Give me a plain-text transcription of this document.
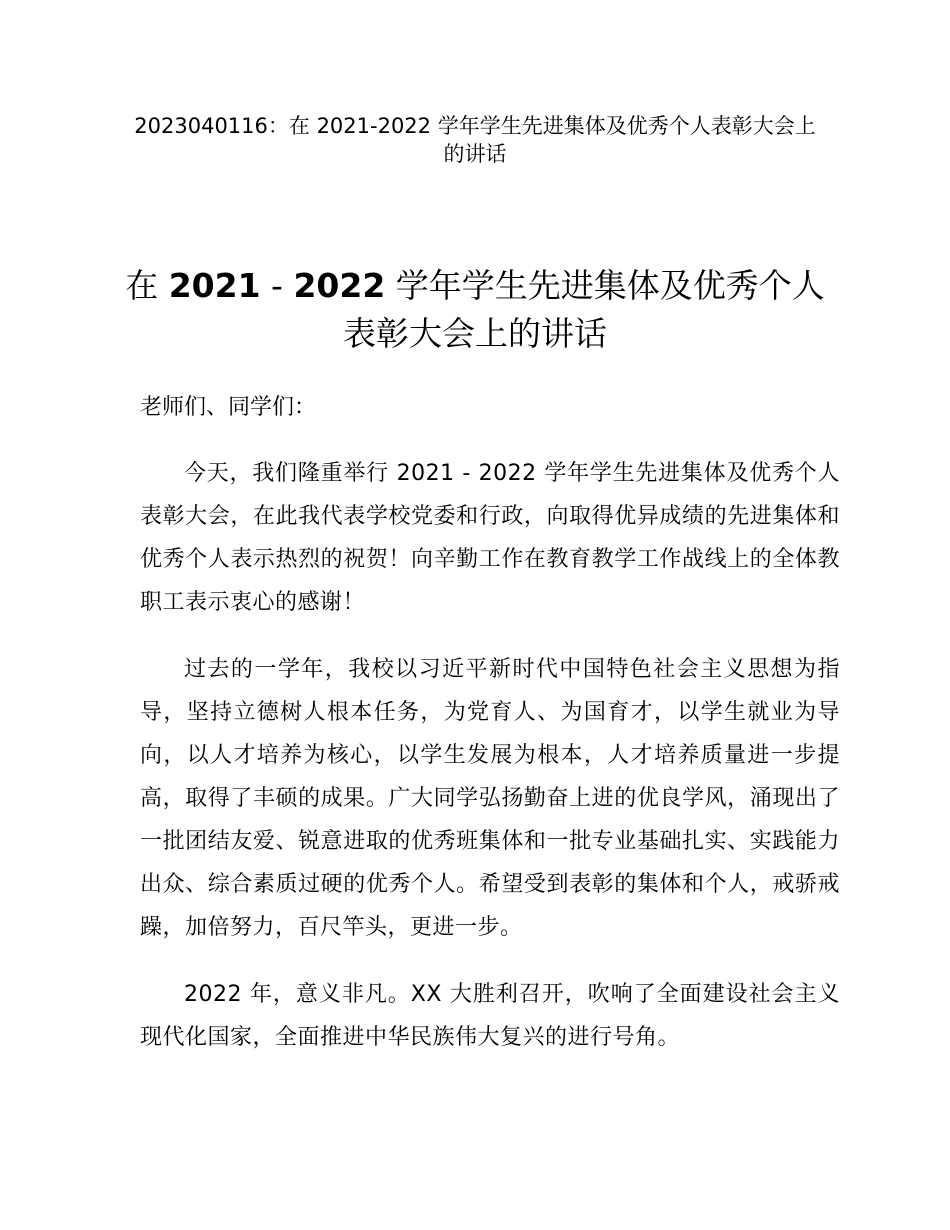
2023040116：在 2021-2022 学年学生先进集体及优秀个人表彰大会上的讲话
在 2021 - 2022 学年学生先进集体及优秀个人表彰大会上的讲话

老师们、同学们：

今天，我们隆重举行 2021 - 2022 学年学生先进集体及优秀个人表彰大会，在此我代表学校党委和行政，向取得优异成绩的先进集体和优秀个人表示热烈的祝贺！向辛勤工作在教育教学工作战线上的全体教职工表示衷心的感谢！

过去的一学年，我校以习近平新时代中国特色社会主义思想为指导，坚持立德树人根本任务，为党育人、为国育才，以学生就业为导向，以人才培养为核心，以学生发展为根本，人才培养质量进一步提高，取得了丰硕的成果。广大同学弘扬勤奋上进的优良学风，涌现出了一批团结友爱、锐意进取的优秀班集体和一批专业基础扎实、实践能力出众、综合素质过硬的优秀个人。希望受到表彰的集体和个人，戒骄戒躁，加倍努力，百尺竿头，更进一步。

2022 年，意义非凡。XX 大胜利召开，吹响了全面建设社会主义现代化国家，全面推进中华民族伟大复兴的进行号角。
